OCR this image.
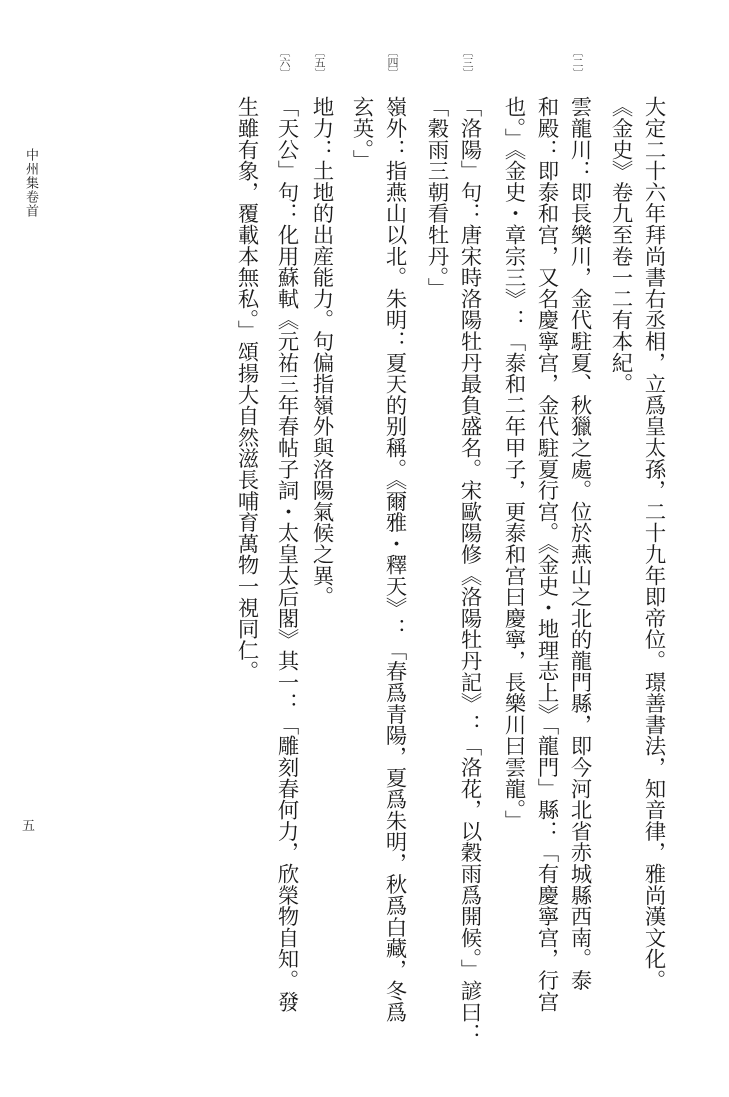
大定二十六年拜尚書右丞相，立爲皇太孫，二十九年即帝位。璟善書法，知音律，雅尚漢文化。

《金史》卷九至卷一二有本紀。

〔二〕

雲龍川：即長樂川，金代駐夏、秋獵之處。位於燕山之北的龍門縣，即今河北省赤城縣西南。泰

和殿：即泰和宫，又名慶寧宫，金代駐夏行宫。《金史・地理志上》「龍門」縣：「有慶寧宫，行宫

也。」《金史・章宗三》：「泰和二年甲子，更泰和宫曰慶寧，長樂川曰雲龍。」

〔三〕

「洛陽」句：唐宋時洛陽牡丹最負盛名。宋歐陽修《洛陽牡丹記》：「洛花，以穀雨爲開候。」諺曰：

「穀雨三朝看牡丹。」

〔四〕

嶺外：指燕山以北。朱明：夏天的别稱。《爾雅・釋天》：「春爲青陽，夏爲朱明，秋爲白藏，冬爲

玄英。」

〔五〕

地力：土地的出産能力。句偏指嶺外與洛陽氣候之異。

〔六〕

「天公」句：化用蘇軾《元祐三年春帖子詞・太皇太后閣》其一：「雕刻春何力，欣榮物自知。發

生雖有象，覆載本無私。」頌揚大自然滋長哺育萬物一視同仁。

中州集卷首
五
